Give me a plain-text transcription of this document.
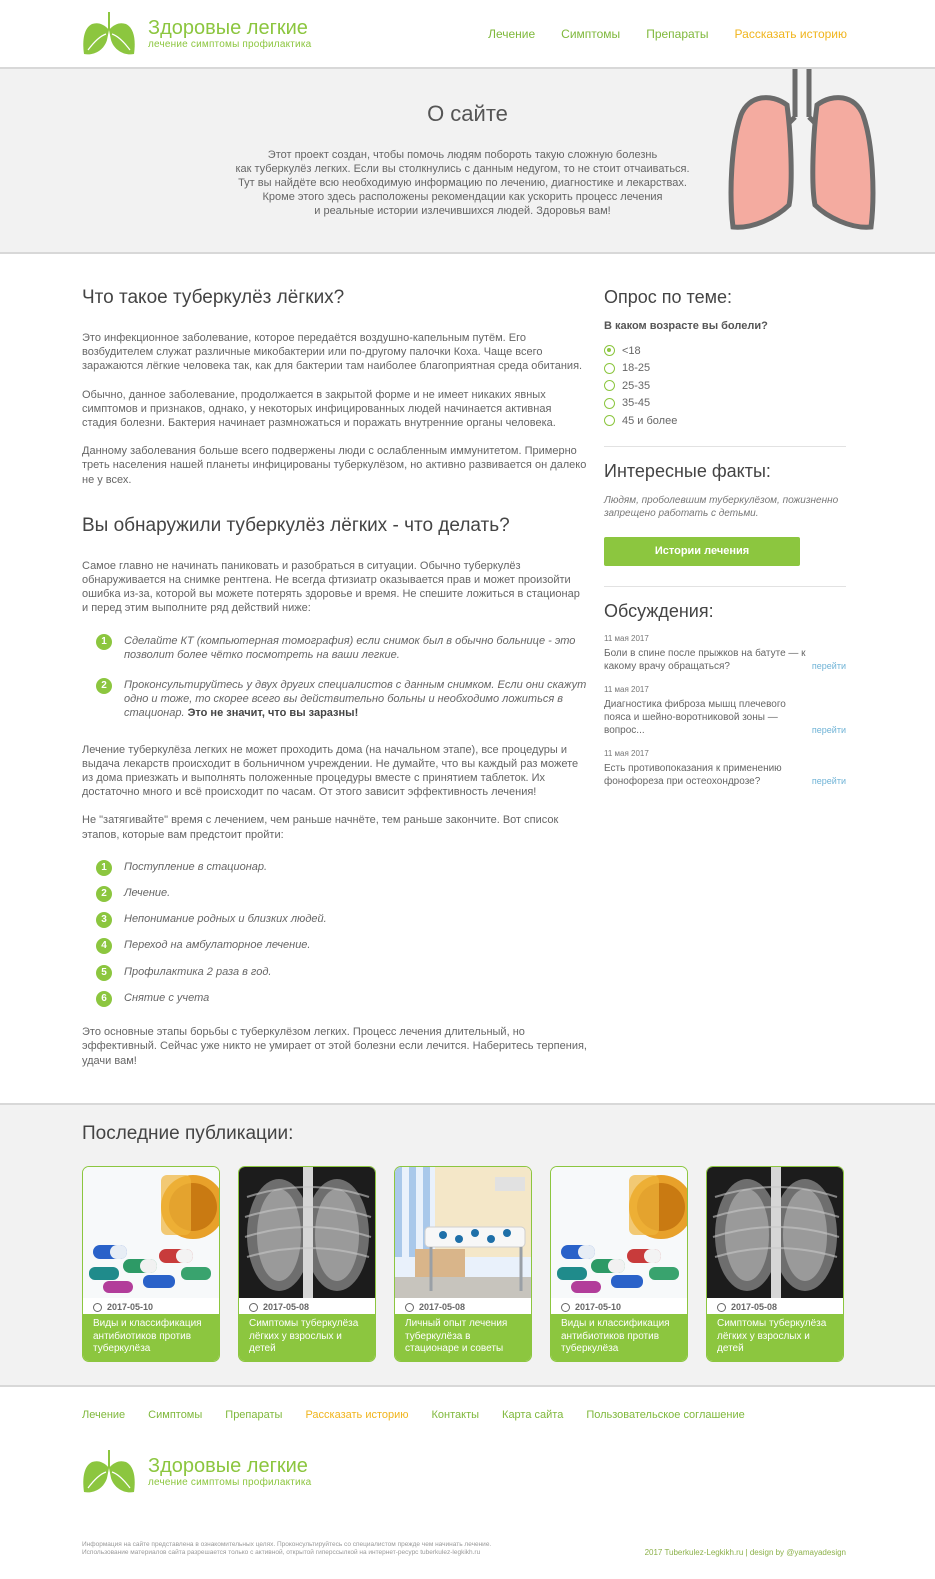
Здоровые легкие
лечение симптомы профилактика
Лечение Симптомы Препараты Рассказать историю
О сайте
Этот проект создан, чтобы помочь людям побороть такую сложную болезнь
как туберкулёз легких. Если вы столкнулись с данным недугом, то не стоит отчаиваться.
Тут вы найдёте всю необходимую информацию по лечению, диагностике и лекарствах.
Кроме этого здесь расположены рекомендации как ускорить процесс лечения
и реальные истории излечившихся людей. Здоровья вам!
Что такое туберкулёз лёгких?
Это инфекционное заболевание, которое передаётся воздушно-капельным путём. Его возбудителем служат различные микобактерии или по-другому палочки Коха. Чаще всего заражаются лёгкие человека так, как для бактерии там наиболее благоприятная среда обитания.
Обычно, данное заболевание, продолжается в закрытой форме и не имеет никаких явных симптомов и признаков, однако, у некоторых инфицированных людей начинается активная стадия болезни. Бактерия начинает размножаться и поражать внутренние органы человека.
Данному заболевания больше всего подвержены люди с ослабленным иммунитетом. Примерно треть населения нашей планеты инфицированы туберкулёзом, но активно развивается он далеко не у всех.
Вы обнаружили туберкулёз лёгких - что делать?
Самое главно не начинать паниковать и разобраться в ситуации. Обычно туберкулёз обнаруживается на снимке рентгена. Не всегда фтизиатр оказывается прав и может произойти ошибка из-за, которой вы можете потерять здоровье и время. Не спешите ложиться в стационар и перед этим выполните ряд действий ниже:
1	Сделайте КТ (компьютерная томография) если снимок был в обычно больнице - это позволит более чётко посмотреть на ваши легкие.
2	Проконсультируйтесь у двух других специалистов с данным снимком. Если они скажут одно и тоже, то скорее всего вы действительно больны и необходимо ложиться в стационар. Это не значит, что вы заразны!
Лечение туберкулёза легких не может проходить дома (на начальном этапе), все процедуры и выдача лекарств происходит в больничном учреждении. Не думайте, что вы каждый раз можете из дома приезжать и выполнять положенные процедуры вместе с принятием таблеток. Их достаточно много и всё происходит по часам. От этого зависит эффективность лечения!
Не "затягивайте" время с лечением, чем раньше начнёте, тем раньше закончите. Вот список этапов, которые вам предстоит пройти:
1	Поступление в стационар.
2	Лечение.
3	Непонимание родных и близких людей.
4	Переход на амбулаторное лечение.
5	Профилактика 2 раза в год.
6	Снятие с учета
Это основные этапы борьбы с туберкулёзом легких. Процесс лечения длительный, но эффективный. Сейчас уже никто не умирает от этой болезни если лечится. Наберитесь терпения, удачи вам!
Опрос по теме:
В каком возрасте вы болели?
<18
18-25
25-35
35-45
45 и более
Интересные факты:
Людям, проболевшим туберкулёзом, пожизненно запрещено работать с детьми.
Истории лечения
Обсуждения:
11 мая 2017
Боли в спине после прыжков на батуте — к какому врачу обращаться?	перейти
11 мая 2017
Диагностика фиброза мышц плечевого пояса и шейно-воротниковой зоны — вопрос...	перейти
11 мая 2017
Есть противопоказания к применению фонофореза при остеохондрозе?	перейти
Последние публикации:
2017-05-10
Виды и классификация антибиотиков против туберкулёза
2017-05-08
Симптомы туберкулёза лёгких у взрослых и детей
2017-05-08
Личный опыт лечения туберкулёза в стационаре и советы
2017-05-10
Виды и классификация антибиотиков против туберкулёза
2017-05-08
Симптомы туберкулёза лёгких у взрослых и детей
Лечение Симптомы Препараты Рассказать историю Контакты Карта сайта Пользовательское соглашение
Здоровые легкие
лечение симптомы профилактика
Информация на сайте представлена в ознакомительных целях. Проконсультируйтесь со специалистом прежде чем начинать лечение.
Использование материалов сайта разрешается только с активной, открытой гиперссылкой на интернет-ресурс tuberkulez-legkikh.ru	2017 Tuberkulez-Legkikh.ru | design by @yamayadesign
